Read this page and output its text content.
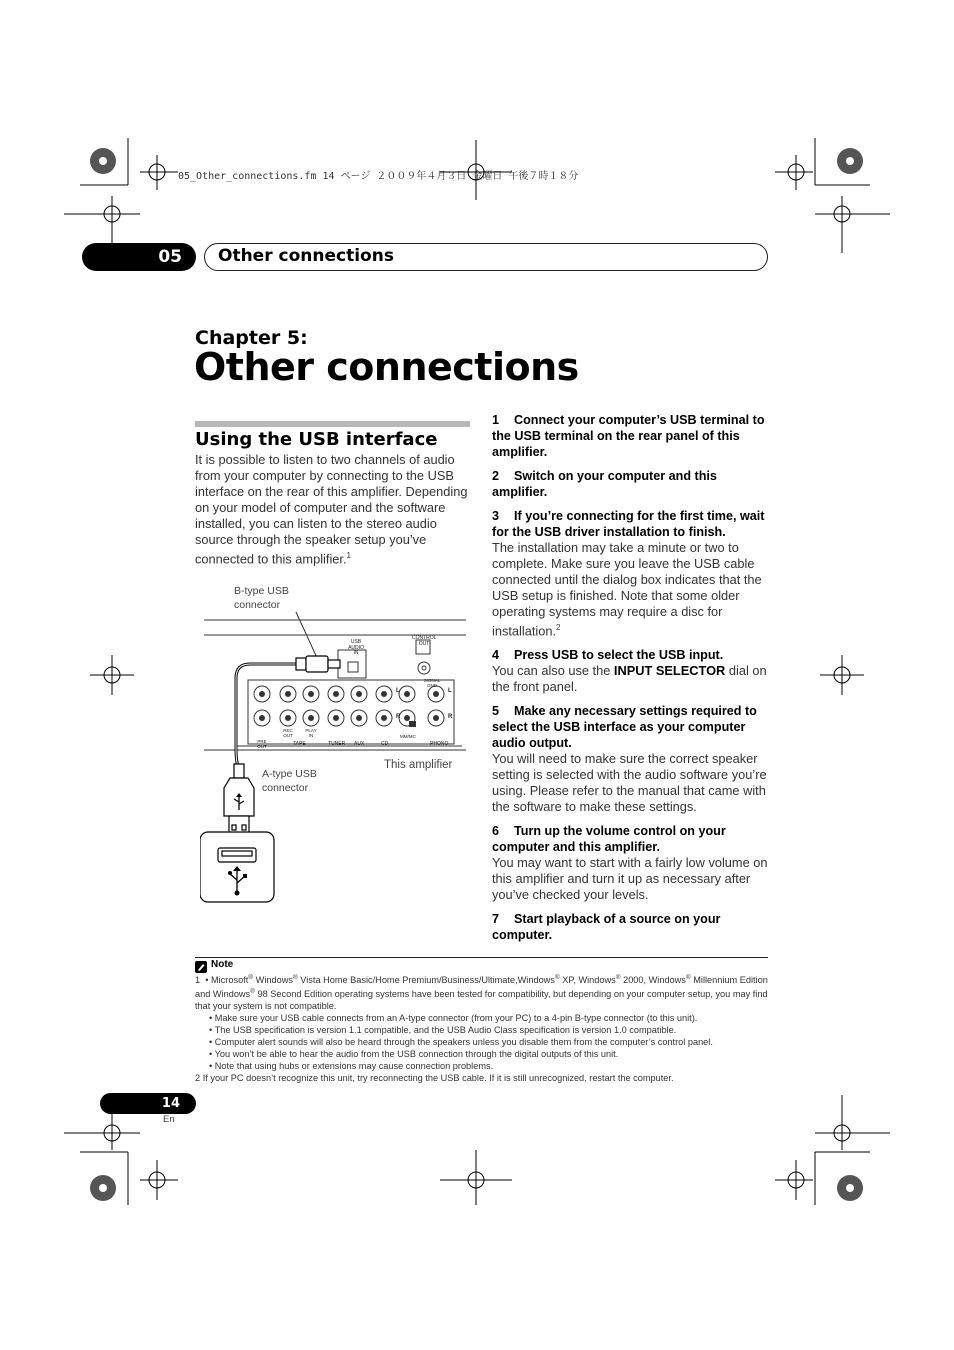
05_Other_connections.fm 14 ページ ２００９年４月３日 金曜日 午後７時１８分
05	Other connections
Chapter 5:
Other connections
Using the USB interface
It is possible to listen to two channels of audio from your computer by connecting to the USB interface on the rear of this amplifier. Depending on your model of computer and the software installed, you can listen to the stereo audio source through the speaker setup you’ve connected to this amplifier.$^1$
B-type USB
connector
A-type USB
connector
This amplifier
USB
AUDIO IN
CONTROL
OUT
SIGNAL
GND
MM/MC
L
R
L
R
PRE
OUT
REC
OUT
PLAY
IN
TAPE	TUNER AUX	CD	PHONO
1 Connect your computer’s USB terminal to the USB terminal on the rear panel of this amplifier.
2 Switch on your computer and this amplifier.
3 If you’re connecting for the first time, wait for the USB driver installation to finish.
The installation may take a minute or two to complete. Make sure you leave the USB cable connected until the dialog box indicates that the USB setup is finished. Note that some older operating systems may require a disc for installation.$^2$
4 Press USB to select the USB input.
You can also use the INPUT SELECTOR dial on the front panel.
5 Make any necessary settings required to select the USB interface as your computer audio output.
You will need to make sure the correct speaker setting is selected with the audio software you’re using. Please refer to the manual that came with the software to make these settings.
6 Turn up the volume control on your computer and this amplifier.
You may want to start with a fairly low volume on this amplifier and turn it up as necessary after you’ve checked your levels.
7 Start playback of a source on your computer.
Note
1 • Microsoft® Windows® Vista Home Basic/Home Premium/Business/Ultimate,Windows® XP, Windows® 2000, Windows® Millennium Edition and Windows® 98 Second Edition operating systems have been tested for compatibility, but depending on your computer setup, you may find that your system is not compatible.
• Make sure your USB cable connects from an A-type connector (from your PC) to a 4-pin B-type connector (to this unit).
• The USB specification is version 1.1 compatible, and the USB Audio Class specification is version 1.0 compatible.
• Computer alert sounds will also be heard through the speakers unless you disable them from the computer’s control panel.
• You won’t be able to hear the audio from the USB connection through the digital outputs of this unit.
• Note that using hubs or extensions may cause connection problems.
2 If your PC doesn’t recognize this unit, try reconnecting the USB cable. If it is still unrecognized, restart the computer.
14
En
